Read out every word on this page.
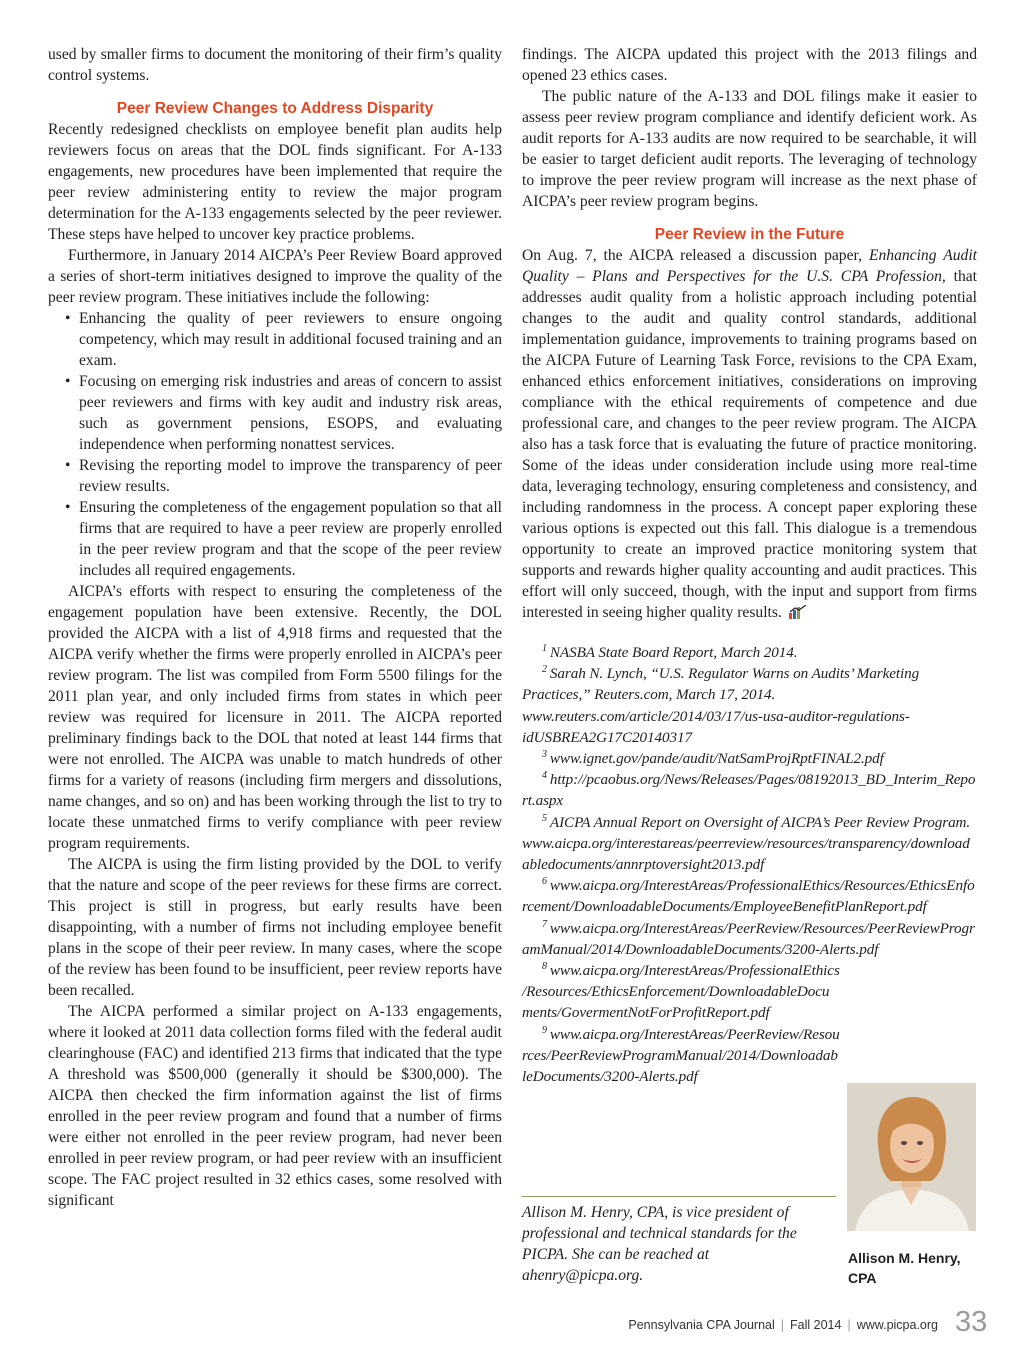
used by smaller firms to document the monitoring of their firm’s quality control systems.

Peer Review Changes to Address Disparity

Recently redesigned checklists on employee benefit plan audits help reviewers focus on areas that the DOL finds significant. For A-133 engagements, new procedures have been implemented that require the peer review administering entity to review the major program determination for the A-133 engagements selected by the peer reviewer. These steps have helped to uncover key practice problems.

Furthermore, in January 2014 AICPA’s Peer Review Board approved a series of short-term initiatives designed to improve the quality of the peer review program. These initiatives include the following:

• Enhancing the quality of peer reviewers to ensure ongoing competency, which may result in additional focused training and an exam.
• Focusing on emerging risk industries and areas of concern to assist peer reviewers and firms with key audit and industry risk areas, such as government pensions, ESOPS, and evaluating independence when performing nonattest services.
• Revising the reporting model to improve the transparency of peer review results.
• Ensuring the completeness of the engagement population so that all firms that are required to have a peer review are properly enrolled in the peer review program and that the scope of the peer review includes all required engagements.

AICPA’s efforts with respect to ensuring the completeness of the engagement population have been extensive. Recently, the DOL provided the AICPA with a list of 4,918 firms and requested that the AICPA verify whether the firms were properly enrolled in AICPA’s peer review program. The list was compiled from Form 5500 filings for the 2011 plan year, and only included firms from states in which peer review was required for licensure in 2011. The AICPA reported preliminary findings back to the DOL that noted at least 144 firms that were not enrolled. The AICPA was unable to match hundreds of other firms for a variety of reasons (including firm mergers and dissolutions, name changes, and so on) and has been working through the list to try to locate these unmatched firms to verify compliance with peer review program requirements.

The AICPA is using the firm listing provided by the DOL to verify that the nature and scope of the peer reviews for these firms are correct. This project is still in progress, but early results have been disappointing, with a number of firms not including employee benefit plans in the scope of their peer review. In many cases, where the scope of the review has been found to be insufficient, peer review reports have been recalled.

The AICPA performed a similar project on A-133 engagements, where it looked at 2011 data collection forms filed with the federal audit clearinghouse (FAC) and identified 213 firms that indicated that the type A threshold was $500,000 (generally it should be $300,000). The AICPA then checked the firm information against the list of firms enrolled in the peer review program and found that a number of firms were either not enrolled in the peer review program, had never been enrolled in peer review program, or had peer review with an insufficient scope. The FAC project resulted in 32 ethics cases, some resolved with significant

findings. The AICPA updated this project with the 2013 filings and opened 23 ethics cases.

The public nature of the A-133 and DOL filings make it easier to assess peer review program compliance and identify deficient work. As audit reports for A-133 audits are now required to be searchable, it will be easier to target deficient audit reports. The leveraging of technology to improve the peer review program will increase as the next phase of AICPA’s peer review program begins.

Peer Review in the Future

On Aug. 7, the AICPA released a discussion paper, Enhancing Audit Quality – Plans and Perspectives for the U.S. CPA Profession, that addresses audit quality from a holistic approach including potential changes to the audit and quality control standards, additional implementation guidance, improvements to training programs based on the AICPA Future of Learning Task Force, revisions to the CPA Exam, enhanced ethics enforcement initiatives, considerations on improving compliance with the ethical requirements of competence and due professional care, and changes to the peer review program. The AICPA also has a task force that is evaluating the future of practice monitoring. Some of the ideas under consideration include using more real-time data, leveraging technology, ensuring completeness and consistency, and including randomness in the process. A concept paper exploring these various options is expected out this fall. This dialogue is a tremendous opportunity to create an improved practice monitoring system that supports and rewards higher quality accounting and audit practices. This effort will only succeed, though, with the input and support from firms interested in seeing higher quality results.

$^1$ NASBA State Board Report, March 2014.

$^2$ Sarah N. Lynch, “U.S. Regulator Warns on Audits’ Marketing Practices,” Reuters.com, March 17, 2014. www.reuters.com/article/2014/03/17/us-usa-auditor-regulations-idUSBREA2G17C20140317

$^3$ www.ignet.gov/pande/audit/NatSamProjRptFINAL2.pdf

$^4$ http://pcaobus.org/News/Releases/Pages/08192013_BD_Interim_Report.aspx

$^5$ AICPA Annual Report on Oversight of AICPA’s Peer Review Program. www.aicpa.org/interestareas/peerreview/resources/transparency/downloadabledocuments/annrptoversight2013.pdf

$^6$ www.aicpa.org/InterestAreas/ProfessionalEthics/Resources/EthicsEnforcement/DownloadableDocuments/EmployeeBenefitPlanReport.pdf

$^7$ www.aicpa.org/InterestAreas/PeerReview/Resources/PeerReviewProgramManual/2014/DownloadableDocuments/3200-Alerts.pdf

$^8$ www.aicpa.org/InterestAreas/ProfessionalEthics/Resources/EthicsEnforcement/DownloadableDocuments/GovermentNotForProfitReport.pdf

$^9$ www.aicpa.org/InterestAreas/PeerReview/Resources/PeerReviewProgramManual/2014/DownloadableDocuments/3200-Alerts.pdf

Allison M. Henry, CPA, is vice president of professional and technical standards for the PICPA. She can be reached at ahenry@picpa.org.

Allison M. Henry,
CPA
Pennsylvania CPA Journal | Fall 2014 | www.picpa.org 33
